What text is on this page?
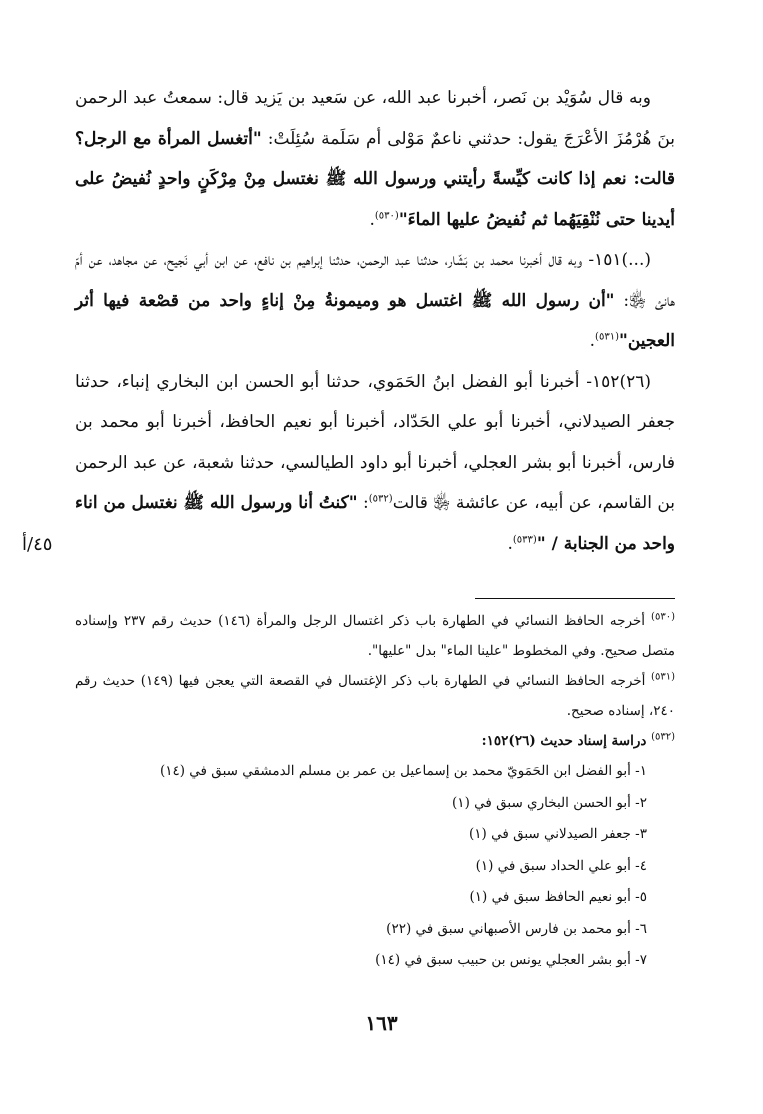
وبه قال سُوَيْد بن نَصر، أخبرنا عبد الله، عن سَعيد بن يَزيد قال: سمعتُ عبد الرحمن بنَ هُرْمُزَ الأعْرَجَ يقول: حدثني ناعمٌ مَوْلى أم سَلَمة سُئِلَتْ: "أتغسل المرأة مع الرجل؟ قالت: نعم إذا كانت كيِّسةً رأيتني ورسول الله ﷺ نغتسل مِنْ مِرْكَنٍ واحدٍ نُفيضُ على أيدينا حتى نُنْقِيَهُما ثم نُفيضُ عليها الماءَ"$^{(٥٣٠)}$.

(...)١٥١- وبه قال أخبرنا محمد بن بَشّار، حدثنا عبد الرحمن، حدثنا إبراهيم بن نافع، عن ابن أبي نَجيح، عن مجاهد، عن أمّ هانئ ﵂: "أن رسول الله ﷺ اغتسل هو وميمونةُ مِنْ إناءٍ واحد من قصْعة فيها أثر العجين"$^{(٥٣١)}$.

(٢٦)١٥٢- أخبرنا أبو الفضل ابنُ الحَمَوي، حدثنا أبو الحسن ابن البخاري إنباء، حدثنا جعفر الصيدلاني، أخبرنا أبو علي الحَدّاد، أخبرنا أبو نعيم الحافظ، أخبرنا أبو محمد بن فارس، أخبرنا أبو بشر العجلي، أخبرنا أبو داود الطيالسي، حدثنا شعبة، عن عبد الرحمن بن القاسم، عن أبيه، عن عائشة ﵂ قالت$^{(٥٣٢)}$: "كنتُ أنا ورسول الله ﷺ نغتسل من اناء واحد من الجنابة / "$^{(٥٣٣)}$.

٤٥/أ

$^{(٥٣٠)}$ أخرجه الحافظ النسائي في الطهارة باب ذكر اغتسال الرجل والمرأة (١٤٦) حديث رقم ٢٣٧ وإسناده متصل صحيح. وفي المخطوط "علينا الماء" بدل "عليها".

$^{(٥٣١)}$ أخرجه الحافظ النسائي في الطهارة باب ذكر الإغتسال في القصعة التي يعجن فيها (١٤٩) حديث رقم ٢٤٠، إسناده صحيح.

$^{(٥٣٢)}$ دراسة إسناد حديث (٢٦)١٥٢:

١- أبو الفضل ابن الحَمَويّ محمد بن إسماعيل بن عمر بن مسلم الدمشقي سبق في (١٤)
٢- أبو الحسن البخاري سبق في (١)
٣- جعفر الصيدلاني سبق في (١)
٤- أبو علي الحداد سبق في (١)
٥- أبو نعيم الحافظ سبق في (١)
٦- أبو محمد بن فارس الأصبهاني سبق في (٢٢)
٧- أبو بشر العجلي يونس بن حبيب سبق في (١٤)
١٦٣
